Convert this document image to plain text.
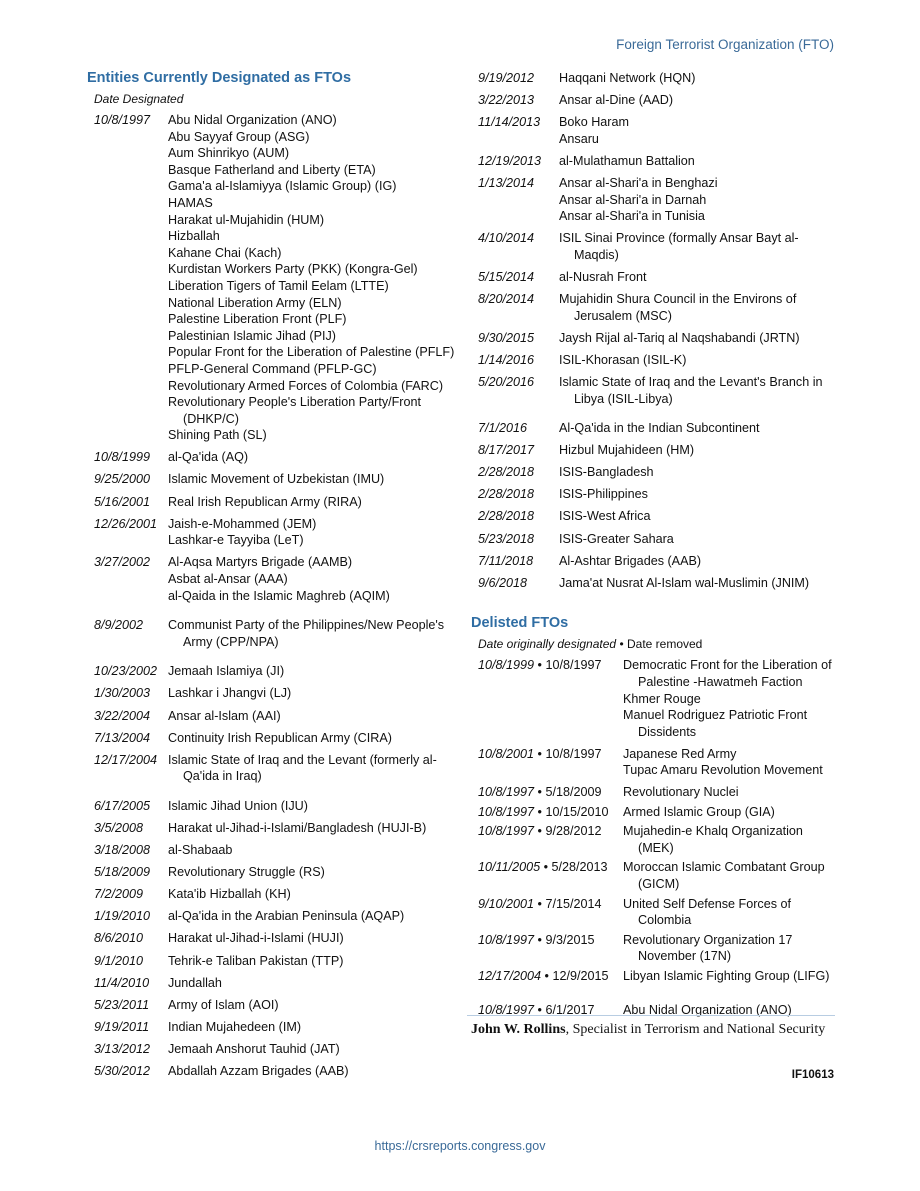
Foreign Terrorist Organization (FTO)
Entities Currently Designated as FTOs
Date Designated
10/8/1997	Abu Nidal Organization (ANO)
Abu Sayyaf Group (ASG)
Aum Shinrikyo (AUM)
Basque Fatherland and Liberty (ETA)
Gama'a al-Islamiyya (Islamic Group) (IG)
HAMAS
Harakat ul-Mujahidin (HUM)
Hizballah
Kahane Chai (Kach)
Kurdistan Workers Party (PKK) (Kongra-Gel)
Liberation Tigers of Tamil Eelam (LTTE)
National Liberation Army (ELN)
Palestine Liberation Front (PLF)
Palestinian Islamic Jihad (PIJ)
Popular Front for the Liberation of Palestine (PFLF)
PFLP-General Command (PFLP-GC)
Revolutionary Armed Forces of Colombia (FARC)
Revolutionary People's Liberation Party/Front (DHKP/C)
Shining Path (SL)
10/8/1999	al-Qa'ida (AQ)
9/25/2000	Islamic Movement of Uzbekistan (IMU)
5/16/2001	Real Irish Republican Army (RIRA)
12/26/2001 Jaish-e-Mohammed (JEM)
Lashkar-e Tayyiba (LeT)
3/27/2002	Al-Aqsa Martyrs Brigade (AAMB)
Asbat al-Ansar (AAA)
al-Qaida in the Islamic Maghreb (AQIM)
8/9/2002	Communist Party of the Philippines/New People's Army (CPP/NPA)
10/23/2002 Jemaah Islamiya (JI)
1/30/2003	Lashkar i Jhangvi (LJ)
3/22/2004	Ansar al-Islam (AAI)
7/13/2004	Continuity Irish Republican Army (CIRA)
12/17/2004 Islamic State of Iraq and the Levant (formerly al-Qa'ida in Iraq)
6/17/2005	Islamic Jihad Union (IJU)
3/5/2008	Harakat ul-Jihad-i-Islami/Bangladesh (HUJI-B)
3/18/2008	al-Shabaab
5/18/2009	Revolutionary Struggle (RS)
7/2/2009	Kata'ib Hizballah (KH)
1/19/2010	al-Qa'ida in the Arabian Peninsula (AQAP)
8/6/2010	Harakat ul-Jihad-i-Islami (HUJI)
9/1/2010	Tehrik-e Taliban Pakistan (TTP)
11/4/2010	Jundallah
5/23/2011	Army of Islam (AOI)
9/19/2011	Indian Mujahedeen (IM)
3/13/2012	Jemaah Anshorut Tauhid (JAT)
5/30/2012	Abdallah Azzam Brigades (AAB)
9/19/2012	Haqqani Network (HQN)
3/22/2013	Ansar al-Dine (AAD)
11/14/2013	Boko Haram
Ansaru
12/19/2013	al-Mulathamun Battalion
1/13/2014	Ansar al-Shari'a in Benghazi
Ansar al-Shari'a in Darnah
Ansar al-Shari'a in Tunisia
4/10/2014	ISIL Sinai Province (formally Ansar Bayt al-Maqdis)
5/15/2014	al-Nusrah Front
8/20/2014	Mujahidin Shura Council in the Environs of Jerusalem (MSC)
9/30/2015	Jaysh Rijal al-Tariq al Naqshabandi (JRTN)
1/14/2016	ISIL-Khorasan (ISIL-K)
5/20/2016	Islamic State of Iraq and the Levant's Branch in Libya (ISIL-Libya)
7/1/2016	Al-Qa'ida in the Indian Subcontinent
8/17/2017	Hizbul Mujahideen (HM)
2/28/2018	ISIS-Bangladesh
2/28/2018	ISIS-Philippines
2/28/2018	ISIS-West Africa
5/23/2018	ISIS-Greater Sahara
7/11/2018	Al-Ashtar Brigades (AAB)
9/6/2018	Jama'at Nusrat Al-Islam wal-Muslimin (JNIM)
Delisted FTOs
Date originally designated • Date removed
10/8/1999 • 10/8/1997	Democratic Front for the Liberation of Palestine -Hawatmeh Faction
Khmer Rouge
Manuel Rodriguez Patriotic Front Dissidents
10/8/2001 • 10/8/1997	Japanese Red Army
Tupac Amaru Revolution Movement
10/8/1997 • 5/18/2009	Revolutionary Nuclei
10/8/1997 • 10/15/2010	Armed Islamic Group (GIA)
10/8/1997 • 9/28/2012	Mujahedin-e Khalq Organization (MEK)
10/11/2005 • 5/28/2013	Moroccan Islamic Combatant Group (GICM)
9/10/2001 • 7/15/2014	United Self Defense Forces of Colombia
10/8/1997 • 9/3/2015	Revolutionary Organization 17 November (17N)
12/17/2004 • 12/9/2015	Libyan Islamic Fighting Group (LIFG)
10/8/1997 • 6/1/2017	Abu Nidal Organization (ANO)
John W. Rollins, Specialist in Terrorism and National Security
IF10613
https://crsreports.congress.gov
